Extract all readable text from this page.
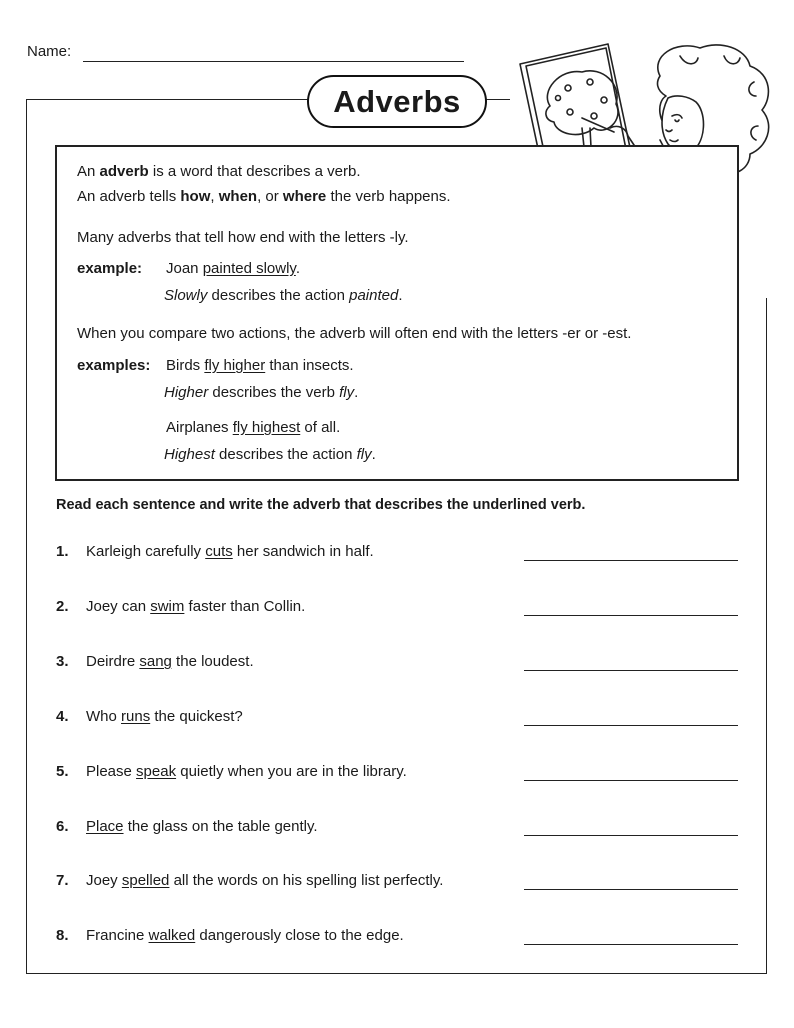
Name:
Adverbs
An adverb is a word that describes a verb.
An adverb tells how, when, or where the verb happens.
Many adverbs that tell how end with the letters -ly.
example: Joan painted slowly.
Slowly describes the action painted.
When you compare two actions, the adverb will often end with the letters -er or -est.
examples: Birds fly higher than insects.
Higher describes the verb fly.
Airplanes fly highest of all.
Highest describes the action fly.
Read each sentence and write the adverb that describes the underlined verb.
1. Karleigh carefully cuts her sandwich in half.
2. Joey can swim faster than Collin.
3. Deirdre sang the loudest.
4. Who runs the quickest?
5. Please speak quietly when you are in the library.
6. Place the glass on the table gently.
7. Joey spelled all the words on his spelling list perfectly.
8. Francine walked dangerously close to the edge.
